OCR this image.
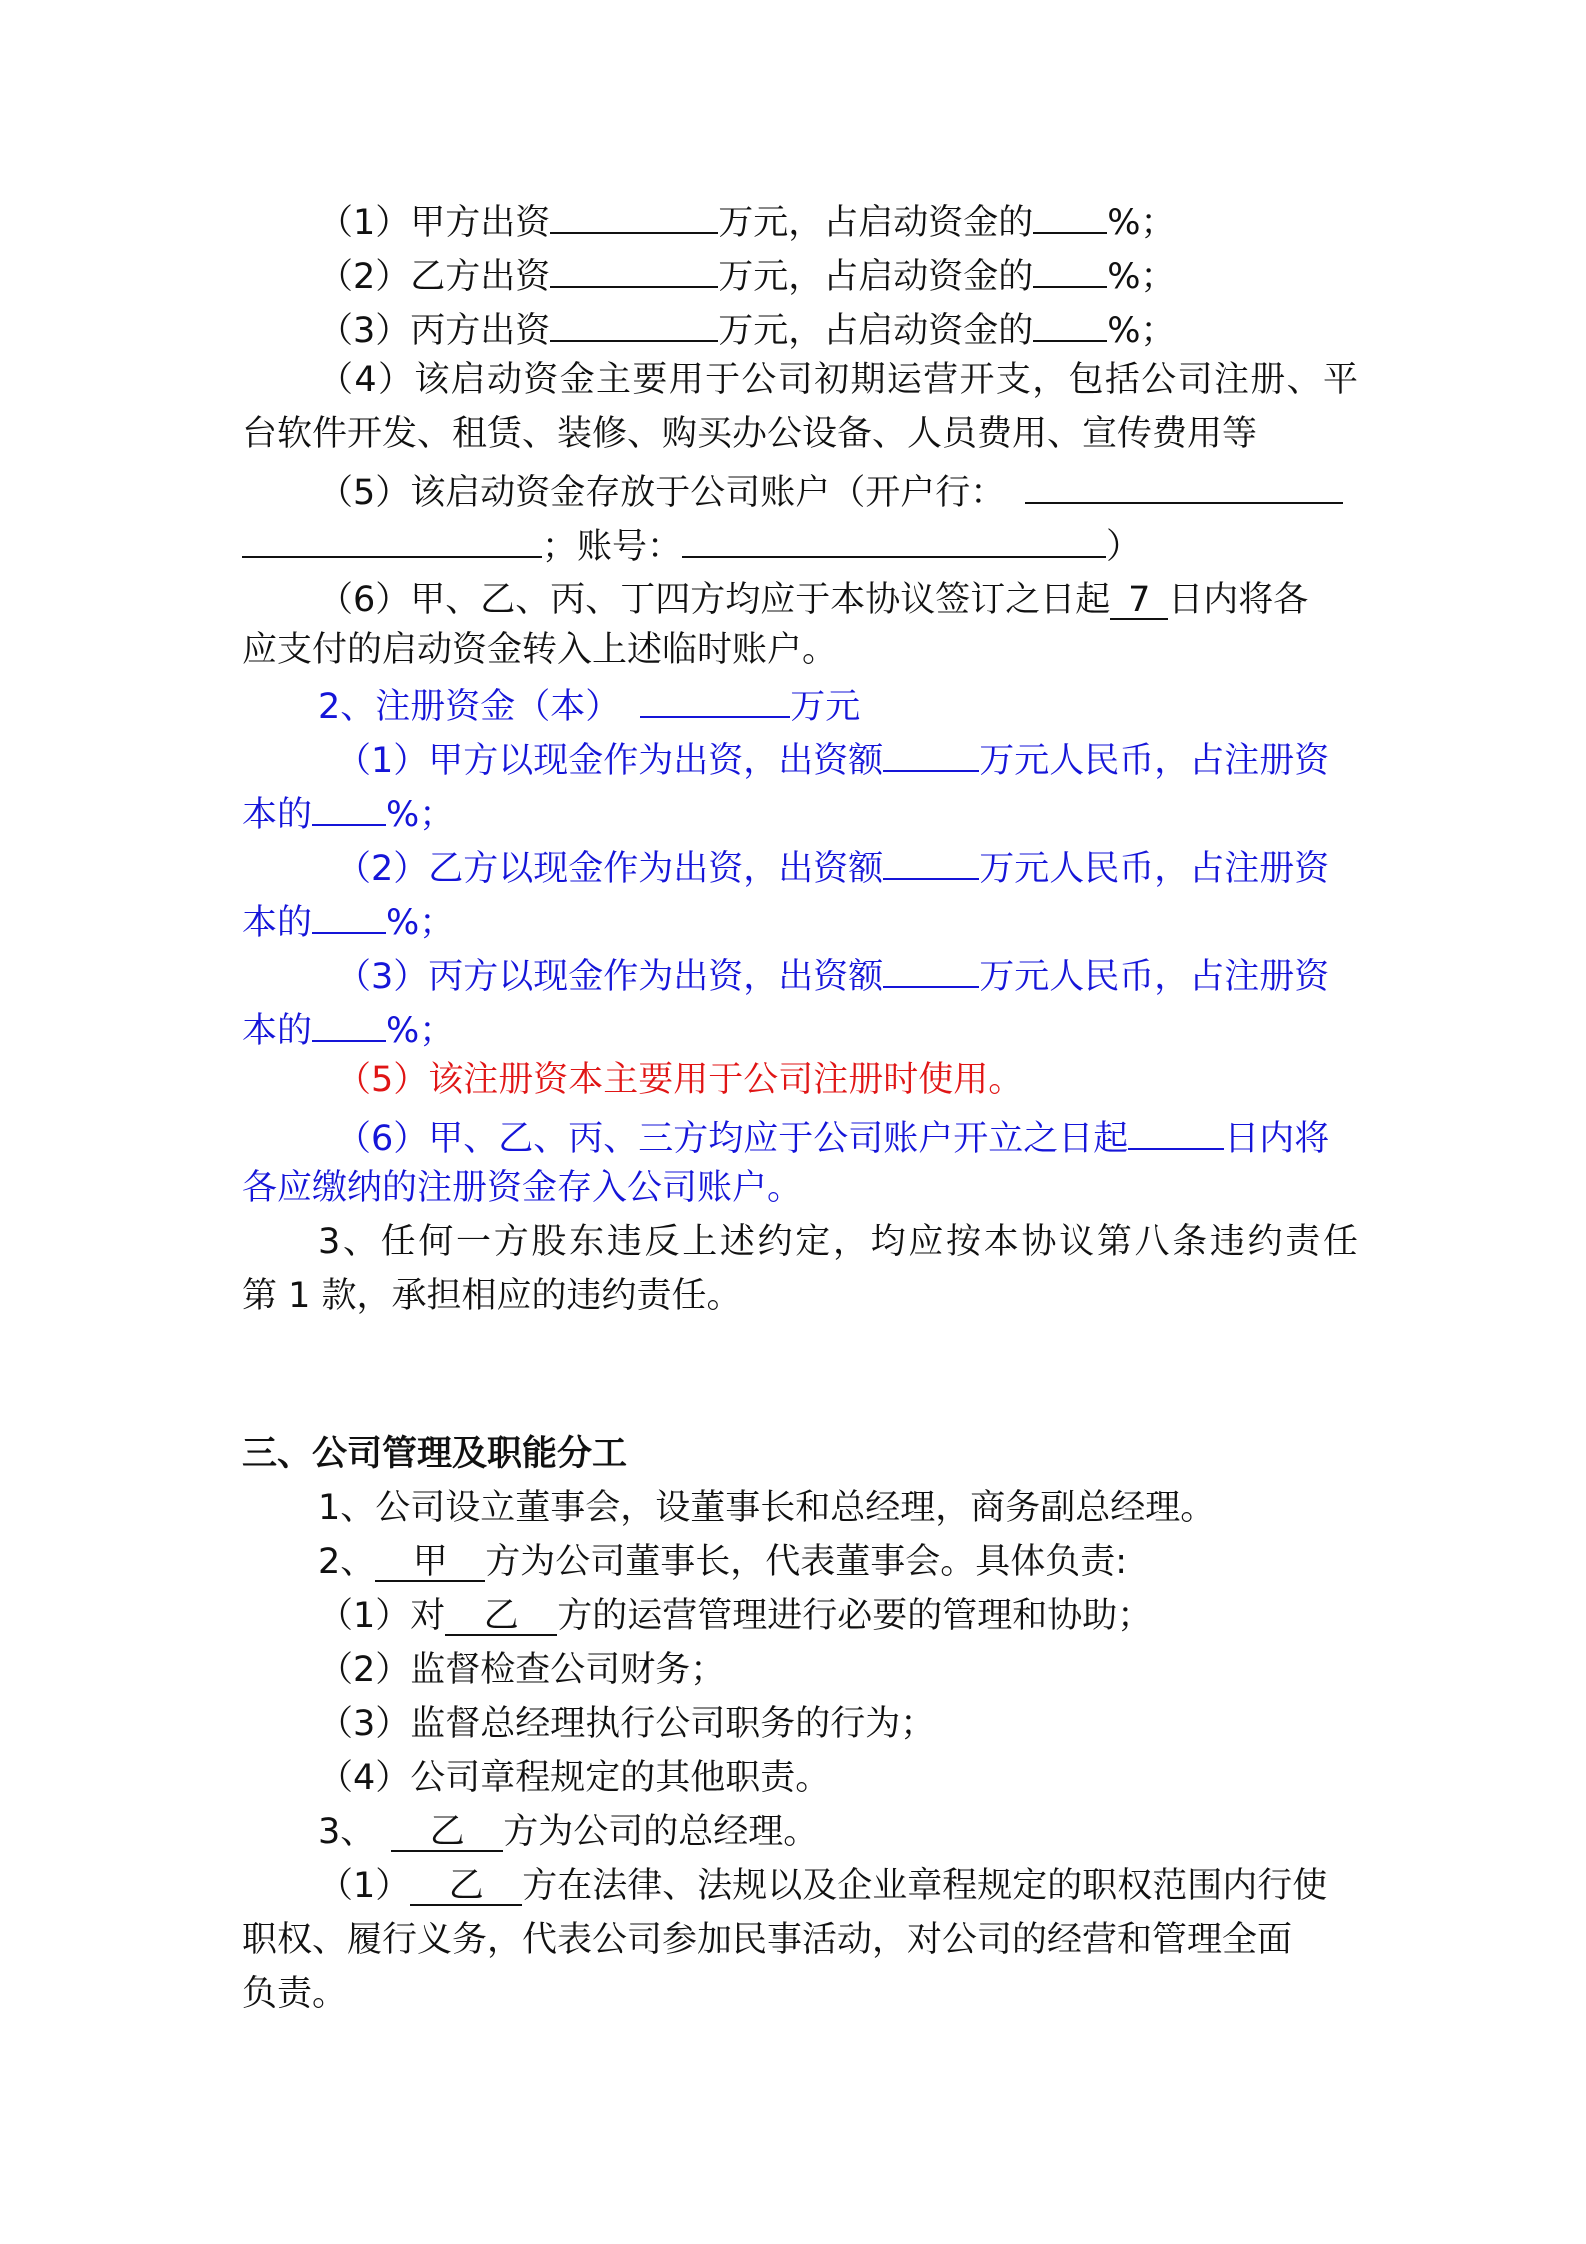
（1）甲方出资	万元，占启动资金的 %；
（2）乙方出资	万元，占启动资金的 %；
（3）丙方出资	万元，占启动资金的 %；
（4）该启动资金主要用于公司初期运营开支，包括公司注册、平
台软件开发、租赁、装修、购买办公设备、人员费用、宣传费用等
（5）该启动资金存放于公司账户（开户行：
；账号：	）
（6）甲、乙、丙、丁四方均应于本协议签订之日起 7 日内将各
应支付的启动资金转入上述临时账户。
2、注册资金（本）	万元
（1）甲方以现金作为出资，出资额	万元人民币，占注册资
本的 %；
（2）乙方以现金作为出资，出资额	万元人民币，占注册资
本的 %；
（3）丙方以现金作为出资，出资额	万元人民币，占注册资
本的 %；
（5）该注册资本主要用于公司注册时使用。
（6）甲、乙、丙、三方均应于公司账户开立之日起	日内将
各应缴纳的注册资金存入公司账户。
3、任何一方股东违反上述约定，均应按本协议第八条违约责任
第 1 款，承担相应的违约责任。
三、公司管理及职能分工
1、公司设立董事会，设董事长和总经理，商务副总经理。
2、 甲 方为公司董事长，代表董事会。具体负责:
（1）对 乙 方的运营管理进行必要的管理和协助；
（2）监督检查公司财务；
（3）监督总经理执行公司职务的行为；
（4）公司章程规定的其他职责。
3、 乙 方为公司的总经理。
（1） 乙 方在法律、法规以及企业章程规定的职权范围内行使
职权、履行义务，代表公司参加民事活动，对公司的经营和管理全面
负责。
